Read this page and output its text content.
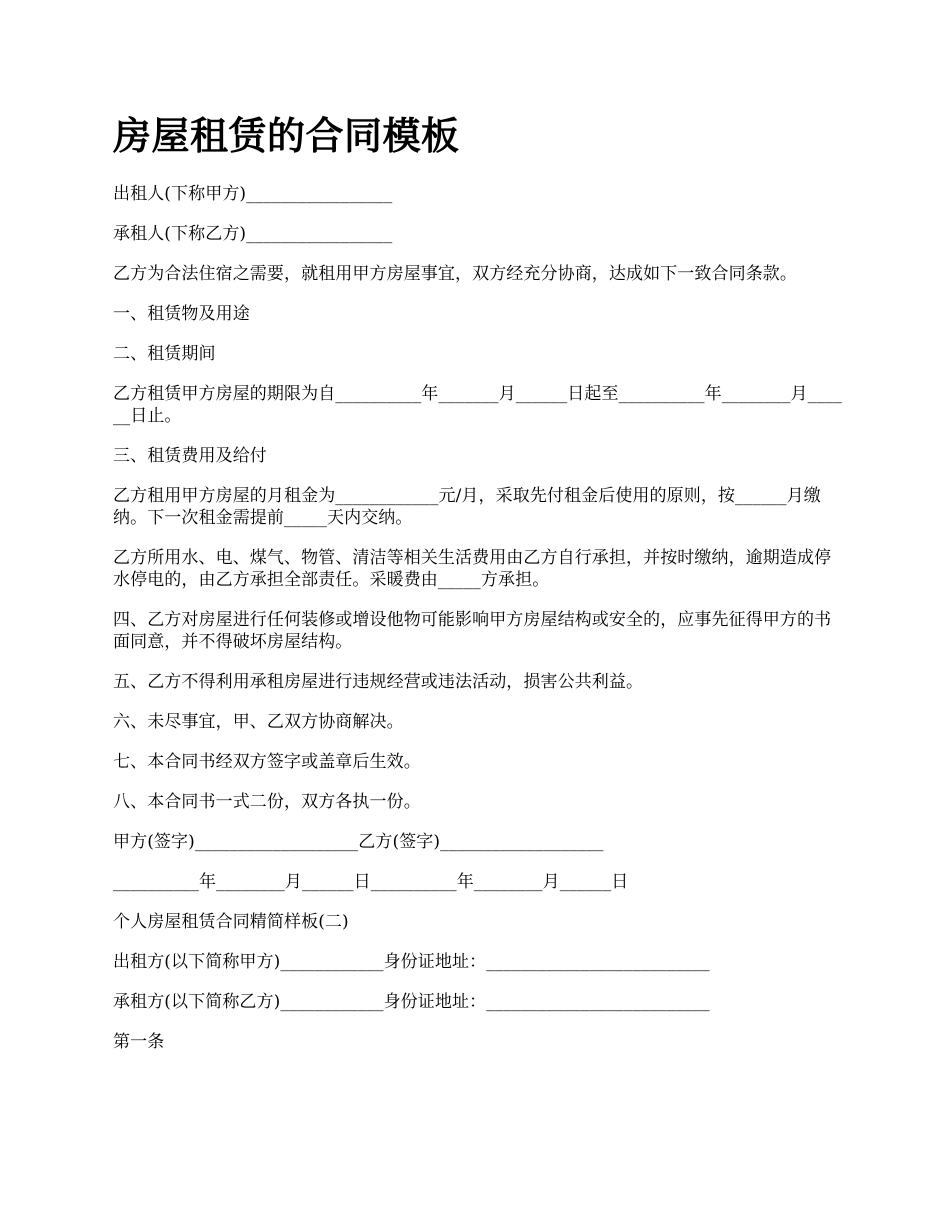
房屋租赁的合同模板

出租人(下称甲方)_________________

承租人(下称乙方)_________________

乙方为合法住宿之需要，就租用甲方房屋事宜，双方经充分协商，达成如下一致合同条款。

一、租赁物及用途

二、租赁期间

乙方租赁甲方房屋的期限为自__________年_______月______日起至__________年________月______日止。

三、租赁费用及给付

乙方租用甲方房屋的月租金为____________元/月，采取先付租金后使用的原则，按______月缴纳。下一次租金需提前_____天内交纳。

乙方所用水、电、煤气、物管、清洁等相关生活费用由乙方自行承担，并按时缴纳，逾期造成停水停电的，由乙方承担全部责任。采暖费由_____方承担。

四、乙方对房屋进行任何装修或增设他物可能影响甲方房屋结构或安全的，应事先征得甲方的书面同意，并不得破坏房屋结构。

五、乙方不得利用承租房屋进行违规经营或违法活动，损害公共利益。

六、未尽事宜，甲、乙双方协商解决。

七、本合同书经双方签字或盖章后生效。

八、本合同书一式二份，双方各执一份。

甲方(签字)___________________乙方(签字)___________________

__________年________月______日__________年________月______日

个人房屋租赁合同精简样板(二)

出租方(以下简称甲方)____________身份证地址：__________________________

承租方(以下简称乙方)____________身份证地址：__________________________

第一条
